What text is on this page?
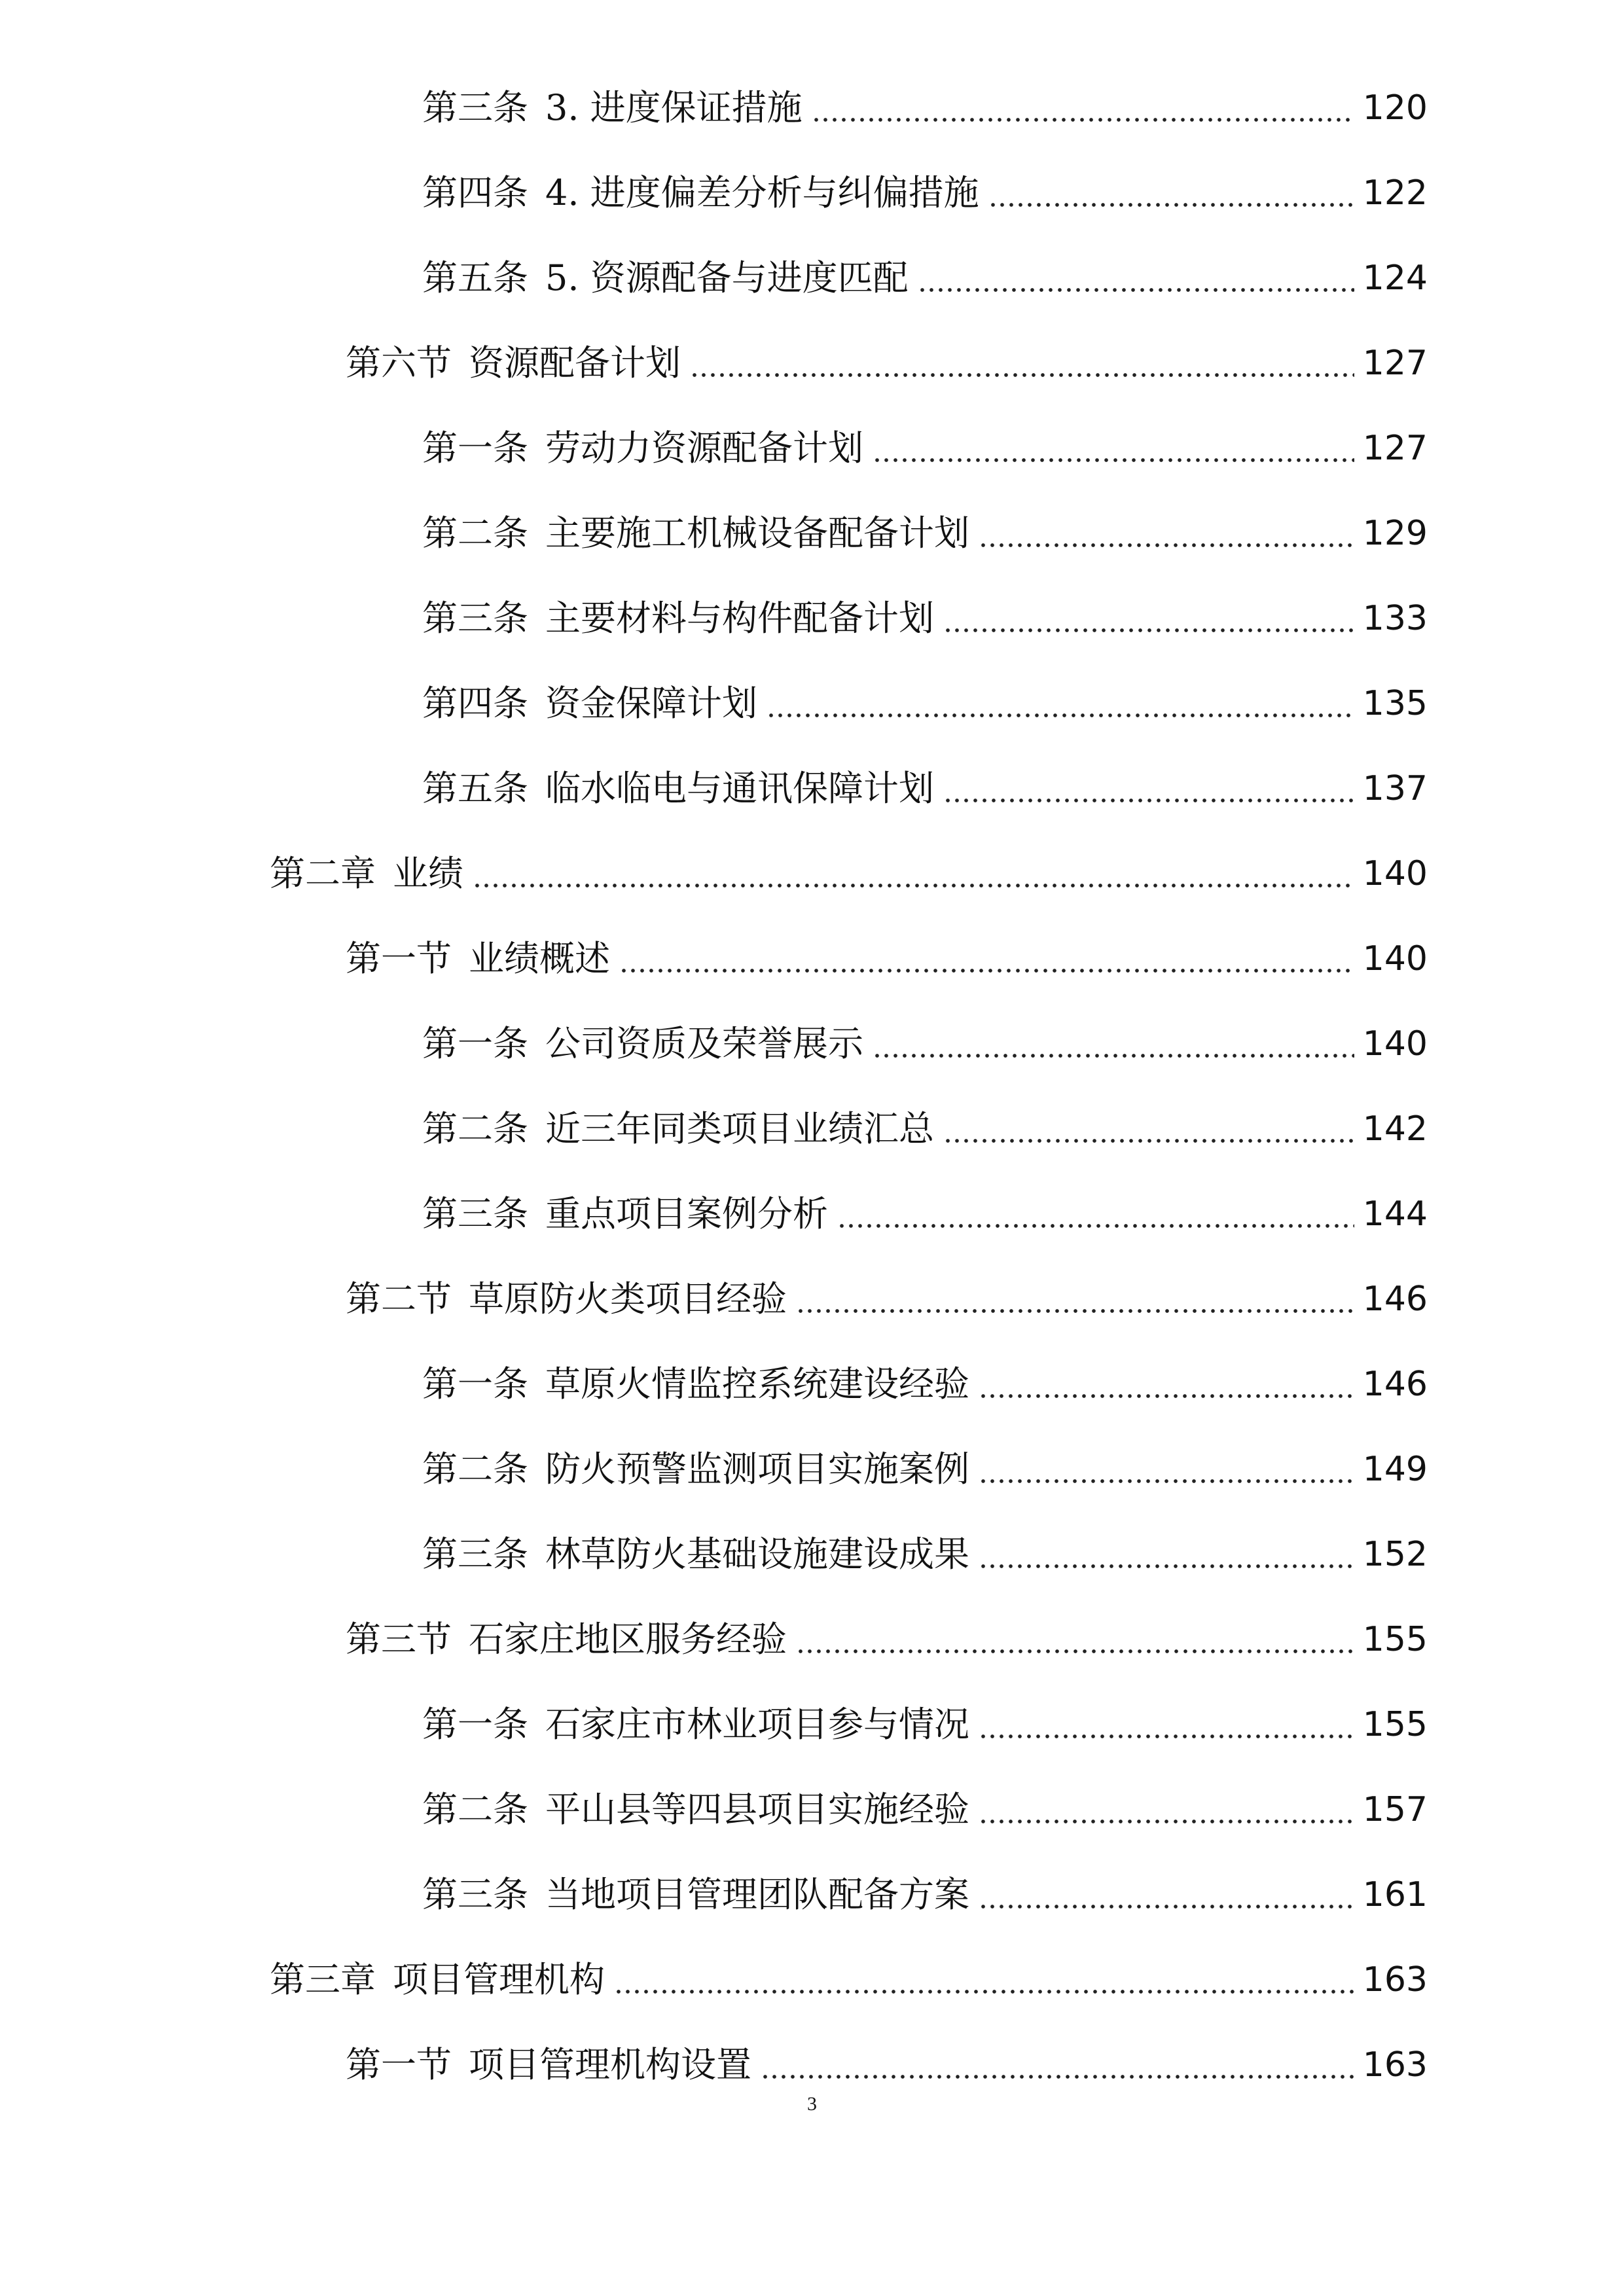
第三条 3. 进度保证措施	120
第四条 4. 进度偏差分析与纠偏措施	122
第五条 5. 资源配备与进度匹配	124
第六节 资源配备计划	127
第一条 劳动力资源配备计划	127
第二条 主要施工机械设备配备计划	129
第三条 主要材料与构件配备计划	133
第四条 资金保障计划	135
第五条 临水临电与通讯保障计划	137
第二章 业绩	140
第一节 业绩概述	140
第一条 公司资质及荣誉展示	140
第二条 近三年同类项目业绩汇总	142
第三条 重点项目案例分析	144
第二节 草原防火类项目经验	146
第一条 草原火情监控系统建设经验	146
第二条 防火预警监测项目实施案例	149
第三条 林草防火基础设施建设成果	152
第三节 石家庄地区服务经验	155
第一条 石家庄市林业项目参与情况	155
第二条 平山县等四县项目实施经验	157
第三条 当地项目管理团队配备方案	161
第三章 项目管理机构	163
第一节 项目管理机构设置	163
3
